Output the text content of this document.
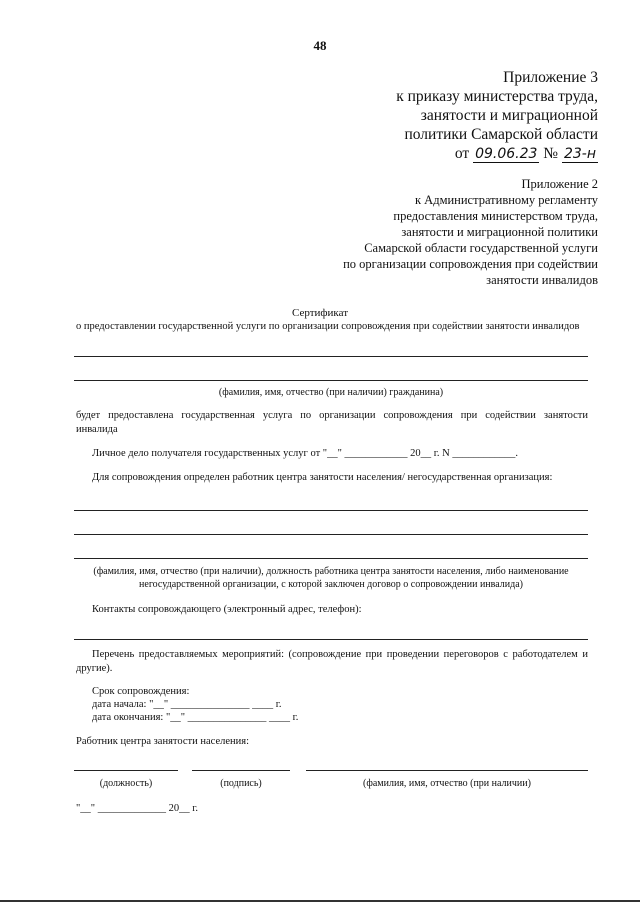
48
Приложение 3
к приказу министерства труда,
занятости и миграционной
политики Самарской области
от 09.06.23 № 23-н
Приложение 2
к Административному регламенту
предоставления министерством труда,
занятости и миграционной политики
Самарской области государственной услуги
по организации сопровождения при содействии
занятости инвалидов
Сертификат
о предоставлении государственной услуги по организации сопровождения при содействии занятости инвалидов
(фамилия, имя, отчество (при наличии) гражданина)
будет предоставлена государственная услуга по организации сопровождения при содействии занятости
инвалида
Личное дело получателя государственных услуг от "__" ____________ 20__ г. N ____________.
Для сопровождения определен работник центра занятости населения/ негосударственная организация:
(фамилия, имя, отчество (при наличии), должность работника центра занятости населения, либо наименование
негосударственной организации, с которой заключен договор о сопровождении инвалида)
Контакты сопровождающего (электронный адрес, телефон):
Перечень предоставляемых мероприятий: (сопровождение при проведении переговоров с работодателем и
другие).
Срок сопровождения:
дата начала: "__" _______________ ____ г.
дата окончания: "__" _______________ ____ г.
Работник центра занятости населения:
(должность)	(подпись)	(фамилия, имя, отчество (при наличии)
"__" _____________ 20__ г.
